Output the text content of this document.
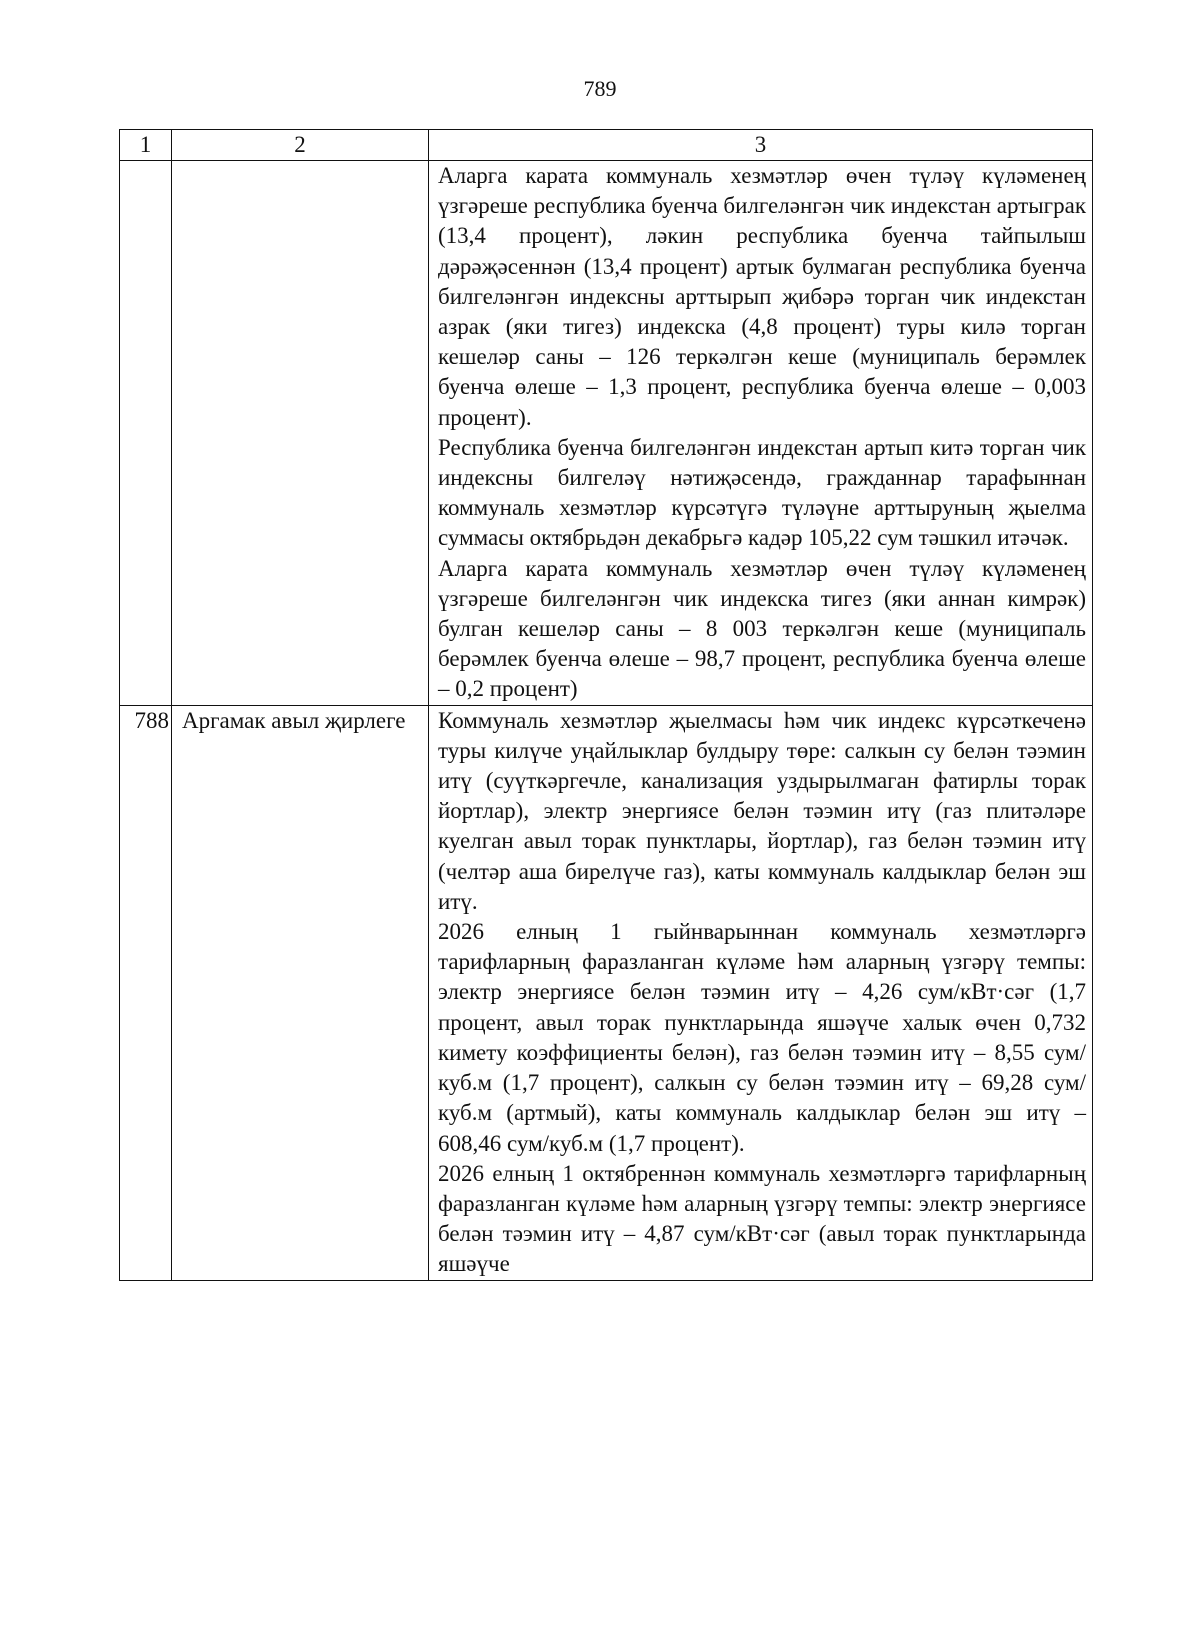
789
1	2	3

		Аларга карата коммуналь хезмәтләр өчен түләү күләменең үзгәреше республика буенча билгеләнгән чик индекстан артыграк (13,4 процент), ләкин республика буенча тайпылыш дәрәҗәсеннән (13,4 процент) артык булмаган республика буенча билгеләнгән индексны арттырып җибәрә торган чик индекстан азрак (яки тигез) индекска (4,8 процент) туры килә торган кешеләр саны – 126 теркәлгән кеше (муниципаль берәмлек буенча өлеше – 1,3 процент, республика буенча өлеше – 0,003 процент).

Республика буенча билгеләнгән индекстан артып китә торган чик индексны билгеләү нәтиҗәсендә, гражданнар тарафыннан коммуналь хезмәтләр күрсәтүгә түләүне арттыруның җыелма суммасы октябрьдән декабрьгә кадәр 105,22 сум тәшкил итәчәк.

Аларга карата коммуналь хезмәтләр өчен түләү күләменең үзгәреше билгеләнгән чик индекска тигез (яки аннан кимрәк) булган кешеләр саны – 8 003 теркәлгән кеше (муниципаль берәмлек буенча өлеше – 98,7 процент, республика буенча өлеше – 0,2 процент)

788	Аргамак авыл җирлеге	Коммуналь хезмәтләр җыелмасы һәм чик индекс күрсәткеченә туры килүче уңайлыклар булдыру төре: салкын су белән тәэмин итү (суүткәргечле, канализация уздырылмаган фатирлы торак йортлар), электр энергиясе белән тәэмин итү (газ плитәләре куелган авыл торак пунктлары, йортлар), газ белән тәэмин итү (челтәр аша бирелүче газ), каты коммуналь калдыклар белән эш итү.

2026 елның 1 гыйнварыннан коммуналь хезмәтләргә тарифларның фаразланган күләме һәм аларның үзгәрү темпы: электр энергиясе белән тәэмин итү – 4,26 сум/кВт·сәг (1,7 процент, авыл торак пунктларында яшәүче халык өчен 0,732 кимету коэффициенты белән), газ белән тәэмин итү – 8,55 сум/куб.м (1,7 процент), салкын су белән тәэмин итү – 69,28 сум/куб.м (артмый), каты коммуналь калдыклар белән эш итү – 608,46 сум/куб.м (1,7 процент).

2026 елның 1 октябреннән коммуналь хезмәтләргә тарифларның фаразланган күләме һәм аларның үзгәрү темпы: электр энергиясе белән тәэмин итү – 4,87 сум/кВт·сәг (авыл торак пунктларында яшәүче
